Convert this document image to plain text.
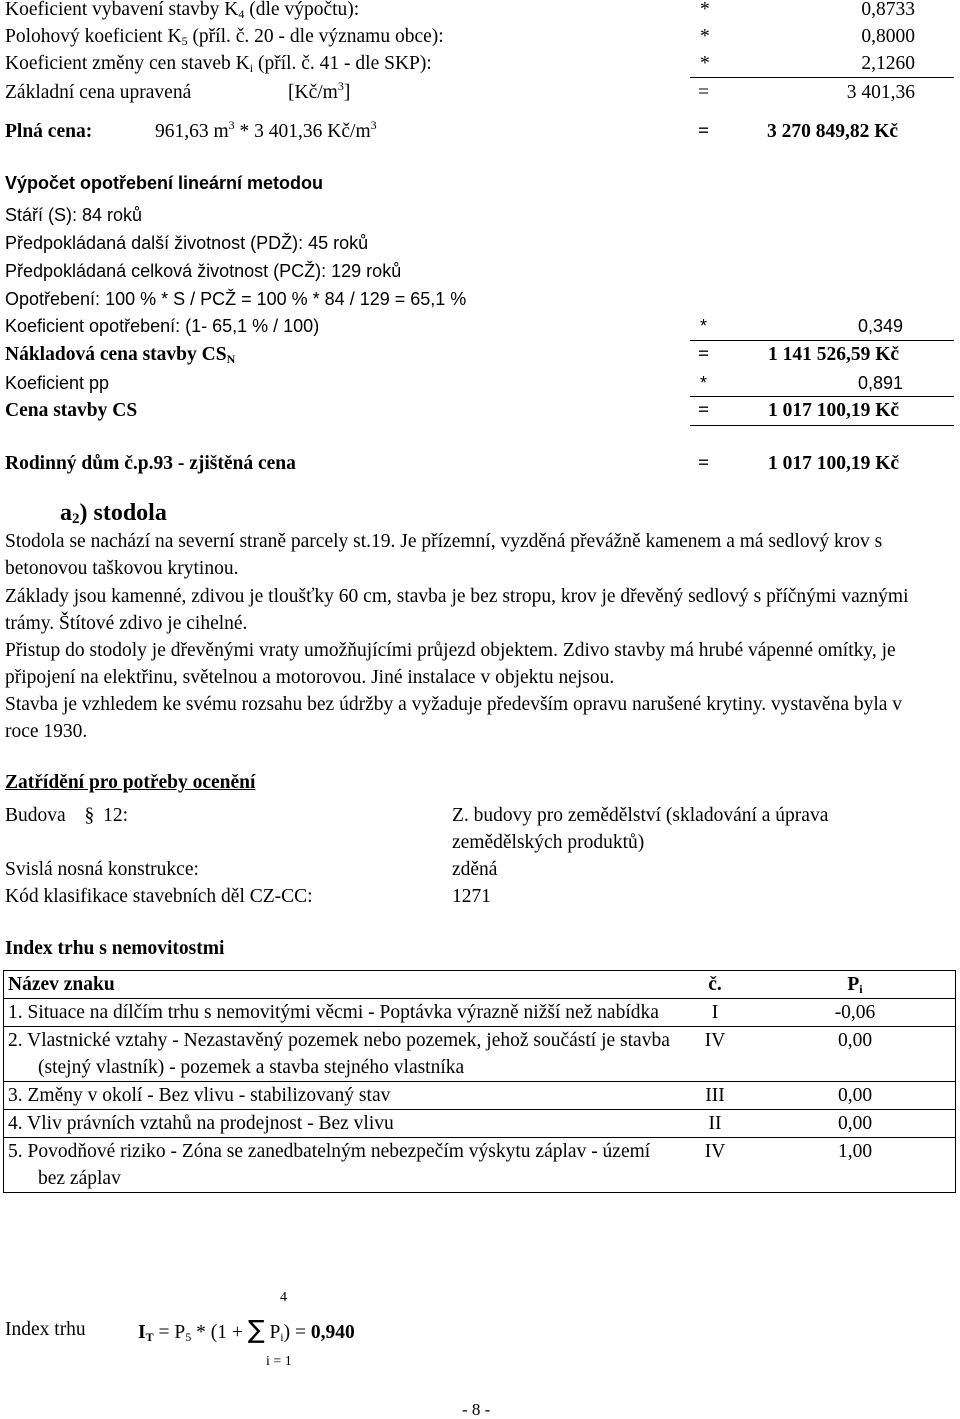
Koeficient vybavení stavby $K_4$ (dle výpočtu):	*	0,8733
Polohový koeficient $K_5$ (příl. č. 20 - dle významu obce):	*	0,8000
Koeficient změny cen staveb $K_i$ (příl. č. 41 - dle SKP):	*	2,1260
Základní cena upravená	$[Kč/m^3]$	=	3 401,36
Plná cena:	961,63 $m^3 * 3$ 401,36 $Kč/m^3$	=	3 270 849,82 Kč
Výpočet opotřebení lineární metodou
Stáří (S): 84 roků
Předpokládaná další životnost (PDŽ): 45 roků
Předpokládaná celková životnost (PCŽ): 129 roků
Opotřebení: 100 % * S / PCŽ = 100 % * 84 / 129 = 65,1 %
Koeficient opotřebení: (1- 65,1 % / 100)	*	0,349
Nákladová cena stavby $CS_N$	=	1 141 526,59 Kč
Koeficient pp	*	0,891
Cena stavby CS	=	1 017 100,19 Kč
Rodinný dům č.p.93 - zjištěná cena	=	1 017 100,19 Kč
$a_2$) stodola
Stodola se nachází na severní straně parcely st.19. Je přízemní, vyzděná převážně kamenem a má sedlový krov s betonovou taškovou krytinou.
Základy jsou kamenné, zdivou je tloušťky 60 cm, stavba je bez stropu, krov je dřevěný sedlový s příčnými vaznými trámy. Štítové zdivo je cihelné.
Přistup do stodoly je dřevěnými vraty umožňujícími průjezd objektem. Zdivo stavby má hrubé vápenné omítky, je připojení na elektřinu, světelnou a motorovou. Jiné instalace v objektu nejsou.
Stavba je vzhledem ke svému rozsahu bez údržby a vyžaduje především opravu narušené krytiny. vystavěna byla v roce 1930.
Zatřídění pro potřeby ocenění
Budova § 12:	Z. budovy pro zemědělství (skladování a úprava
zemědělských produktů)
Svislá nosná konstrukce:	zděná
Kód klasifikace stavebních děl CZ-CC:	1271
Index trhu s nemovitostmi
Název znaku	č.	$P_i$

1. Situace na dílčím trhu s nemovitými věcmi - Poptávka výrazně nižší než nabídka	I	-0,06

2. Vlastnické vztahy - Nezastavěný pozemek nebo pozemek, jehož součástí je stavba (stejný vlastník) - pozemek a stavba stejného vlastníka	IV	0,00

3. Změny v okolí - Bez vlivu - stabilizovaný stav	III	0,00

4. Vliv právních vztahů na prodejnost - Bez vlivu	II	0,00

5. Povodňové riziko - Zóna se zanedbatelným nebezpečím výskytu záplav - území bez záplav	IV	1,00
Index trhu
4
i = 1
$I_T = P_5 * (1$ + ∑ $P_i) = 0,940$
- 8 -
